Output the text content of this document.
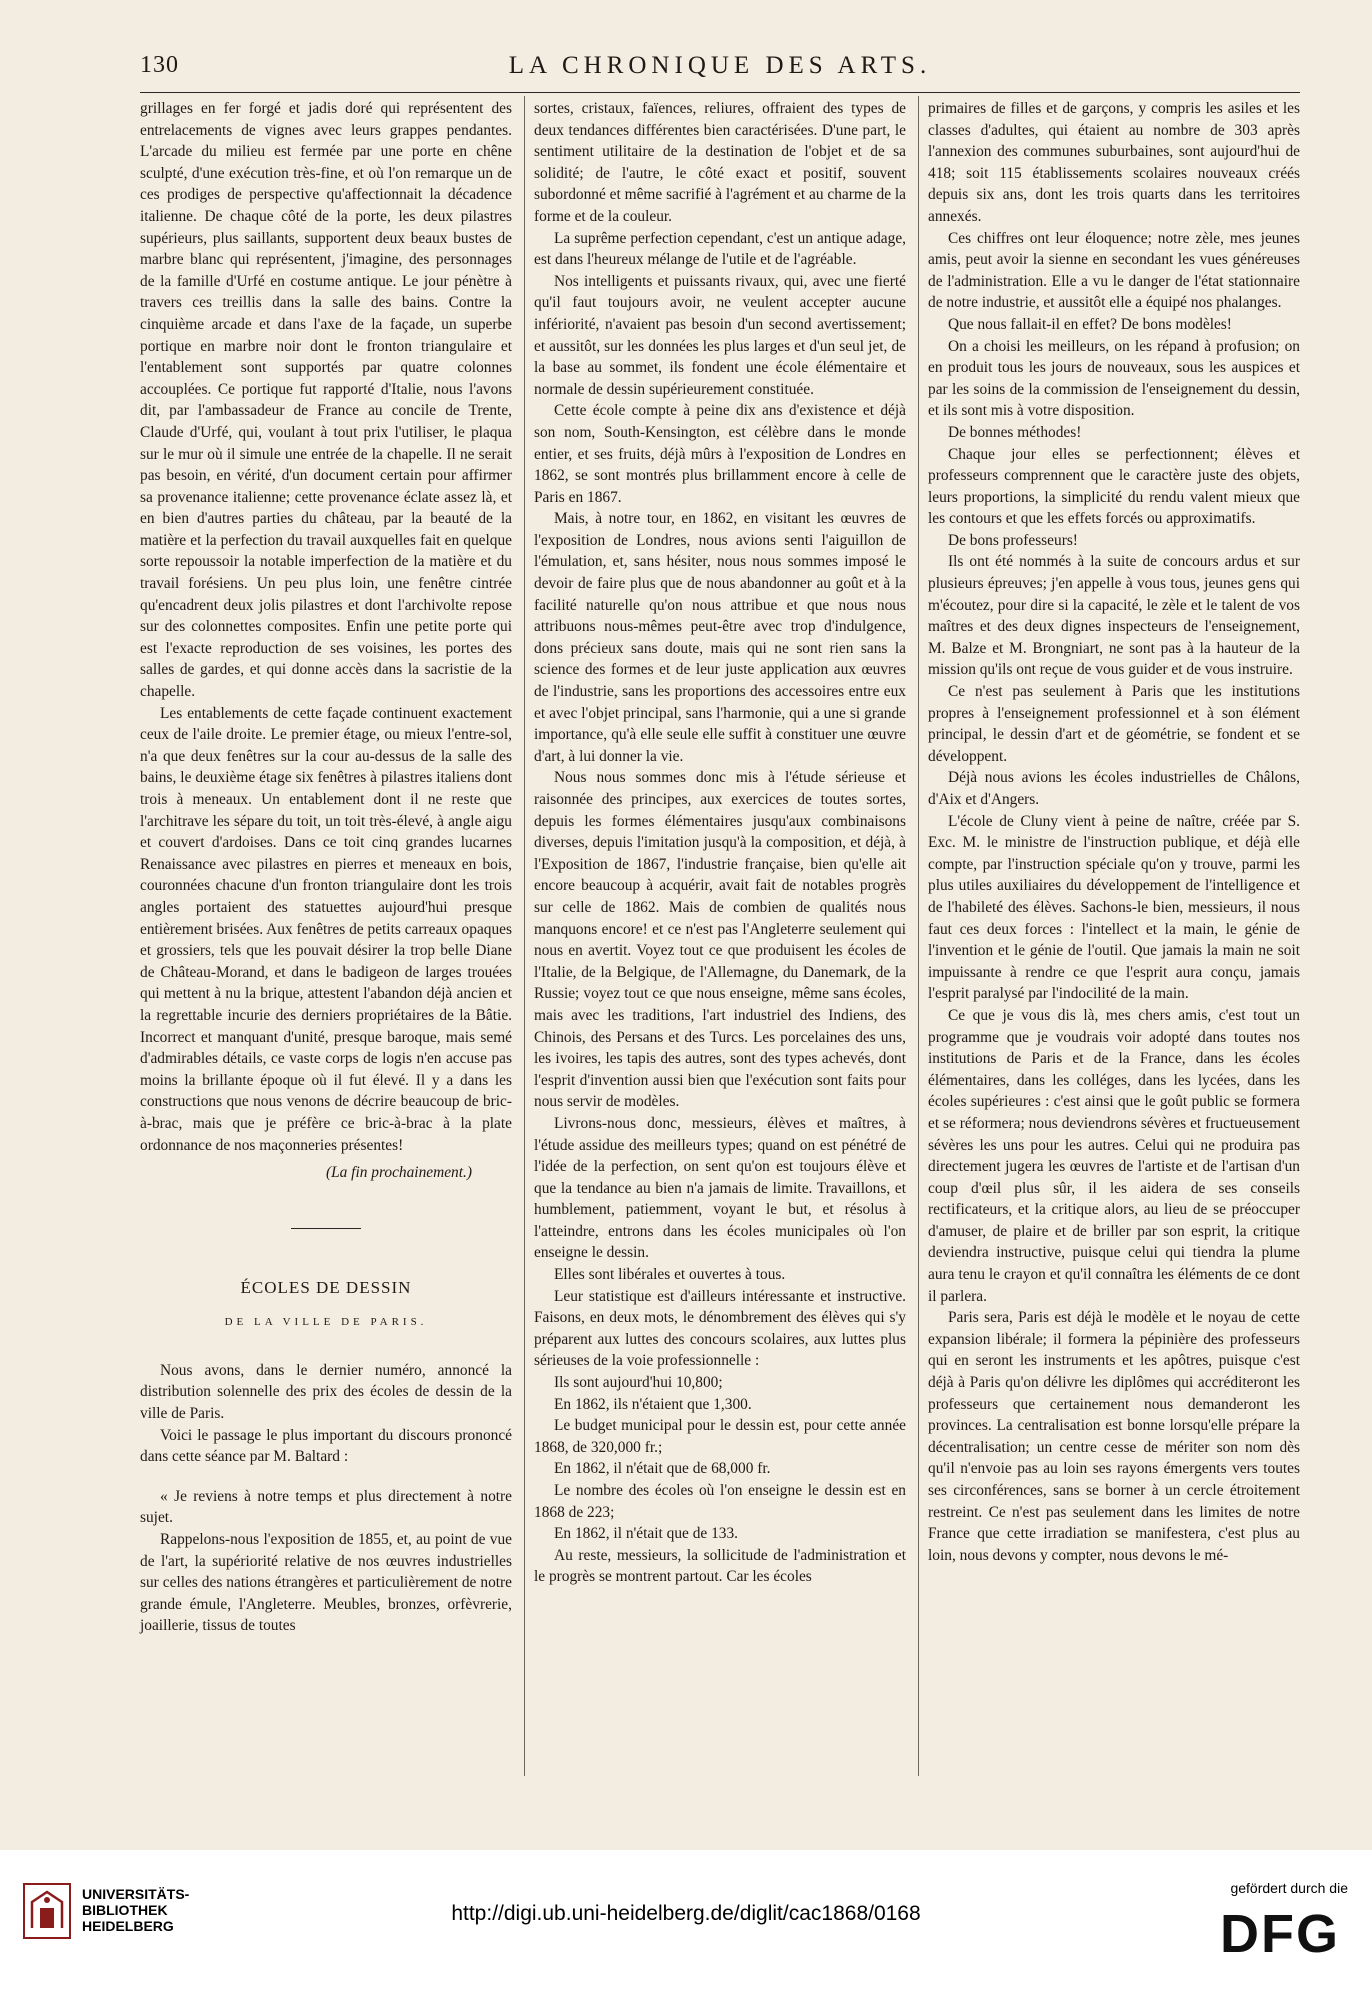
130	LA CHRONIQUE DES ARTS.

grillages en fer forgé et jadis doré qui représentent des entrelacements de vignes avec leurs grappes pendantes. L'arcade du milieu est fermée par une porte en chêne sculpté, d'une exécution très-fine, et où l'on remarque un de ces prodiges de perspective qu'affectionnait la décadence italienne. De chaque côté de la porte, les deux pilastres supérieurs, plus saillants, supportent deux beaux bustes de marbre blanc qui représentent, j'imagine, des personnages de la famille d'Urfé en costume antique. Le jour pénètre à travers ces treillis dans la salle des bains. Contre la cinquième arcade et dans l'axe de la façade, un superbe portique en marbre noir dont le fronton triangulaire et l'entablement sont supportés par quatre colonnes accouplées. Ce portique fut rapporté d'Italie, nous l'avons dit, par l'ambassadeur de France au concile de Trente, Claude d'Urfé, qui, voulant à tout prix l'utiliser, le plaqua sur le mur où il simule une entrée de la chapelle. Il ne serait pas besoin, en vérité, d'un document certain pour affirmer sa provenance italienne; cette provenance éclate assez là, et en bien d'autres parties du château, par la beauté de la matière et la perfection du travail auxquelles fait en quelque sorte repoussoir la notable imperfection de la matière et du travail forésiens. Un peu plus loin, une fenêtre cintrée qu'encadrent deux jolis pilastres et dont l'archivolte repose sur des colonnettes composites. Enfin une petite porte qui est l'exacte reproduction de ses voisines, les portes des salles de gardes, et qui donne accès dans la sacristie de la chapelle.

Les entablements de cette façade continuent exactement ceux de l'aile droite. Le premier étage, ou mieux l'entre-sol, n'a que deux fenêtres sur la cour au-dessus de la salle des bains, le deuxième étage six fenêtres à pilastres italiens dont trois à meneaux. Un entablement dont il ne reste que l'architrave les sépare du toit, un toit très-élevé, à angle aigu et couvert d'ardoises. Dans ce toit cinq grandes lucarnes Renaissance avec pilastres en pierres et meneaux en bois, couronnées chacune d'un fronton triangulaire dont les trois angles portaient des statuettes aujourd'hui presque entièrement brisées. Aux fenêtres de petits carreaux opaques et grossiers, tels que les pouvait désirer la trop belle Diane de Château-Morand, et dans le badigeon de larges trouées qui mettent à nu la brique, attestent l'abandon déjà ancien et la regrettable incurie des derniers propriétaires de la Bâtie. Incorrect et manquant d'unité, presque baroque, mais semé d'admirables détails, ce vaste corps de logis n'en accuse pas moins la brillante époque où il fut élevé. Il y a dans les constructions que nous venons de décrire beaucoup de bric-à-brac, mais que je préfère ce bric-à-brac à la plate ordonnance de nos maçonneries présentes!

(La fin prochainement.)
ÉCOLES DE DESSIN
DE LA VILLE DE PARIS.

Nous avons, dans le dernier numéro, annoncé la distribution solennelle des prix des écoles de dessin de la ville de Paris.

Voici le passage le plus important du discours prononcé dans cette séance par M. Baltard :

« Je reviens à notre temps et plus directement à notre sujet.

Rappelons-nous l'exposition de 1855, et, au point de vue de l'art, la supériorité relative de nos œuvres industrielles sur celles des nations étrangères et particulièrement de notre grande émule, l'Angleterre. Meubles, bronzes, orfèvrerie, joaillerie, tissus de toutes

sortes, cristaux, faïences, reliures, offraient des types de deux tendances différentes bien caractérisées. D'une part, le sentiment utilitaire de la destination de l'objet et de sa solidité; de l'autre, le côté exact et positif, souvent subordonné et même sacrifié à l'agrément et au charme de la forme et de la couleur.

La suprême perfection cependant, c'est un antique adage, est dans l'heureux mélange de l'utile et de l'agréable.

Nos intelligents et puissants rivaux, qui, avec une fierté qu'il faut toujours avoir, ne veulent accepter aucune infériorité, n'avaient pas besoin d'un second avertissement; et aussitôt, sur les données les plus larges et d'un seul jet, de la base au sommet, ils fondent une école élémentaire et normale de dessin supérieurement constituée.

Cette école compte à peine dix ans d'existence et déjà son nom, South-Kensington, est célèbre dans le monde entier, et ses fruits, déjà mûrs à l'exposition de Londres en 1862, se sont montrés plus brillamment encore à celle de Paris en 1867.

Mais, à notre tour, en 1862, en visitant les œuvres de l'exposition de Londres, nous avions senti l'aiguillon de l'émulation, et, sans hésiter, nous nous sommes imposé le devoir de faire plus que de nous abandonner au goût et à la facilité naturelle qu'on nous attribue et que nous nous attribuons nous-mêmes peut-être avec trop d'indulgence, dons précieux sans doute, mais qui ne sont rien sans la science des formes et de leur juste application aux œuvres de l'industrie, sans les proportions des accessoires entre eux et avec l'objet principal, sans l'harmonie, qui a une si grande importance, qu'à elle seule elle suffit à constituer une œuvre d'art, à lui donner la vie.

Nous nous sommes donc mis à l'étude sérieuse et raisonnée des principes, aux exercices de toutes sortes, depuis les formes élémentaires jusqu'aux combinaisons diverses, depuis l'imitation jusqu'à la composition, et déjà, à l'Exposition de 1867, l'industrie française, bien qu'elle ait encore beaucoup à acquérir, avait fait de notables progrès sur celle de 1862. Mais de combien de qualités nous manquons encore! et ce n'est pas l'Angleterre seulement qui nous en avertit. Voyez tout ce que produisent les écoles de l'Italie, de la Belgique, de l'Allemagne, du Danemark, de la Russie; voyez tout ce que nous enseigne, même sans écoles, mais avec les traditions, l'art industriel des Indiens, des Chinois, des Persans et des Turcs. Les porcelaines des uns, les ivoires, les tapis des autres, sont des types achevés, dont l'esprit d'invention aussi bien que l'exécution sont faits pour nous servir de modèles.

Livrons-nous donc, messieurs, élèves et maîtres, à l'étude assidue des meilleurs types; quand on est pénétré de l'idée de la perfection, on sent qu'on est toujours élève et que la tendance au bien n'a jamais de limite. Travaillons, et humblement, patiemment, voyant le but, et résolus à l'atteindre, entrons dans les écoles municipales où l'on enseigne le dessin.

Elles sont libérales et ouvertes à tous.

Leur statistique est d'ailleurs intéressante et instructive. Faisons, en deux mots, le dénombrement des élèves qui s'y préparent aux luttes des concours scolaires, aux luttes plus sérieuses de la voie professionnelle :

Ils sont aujourd'hui 10,800;

En 1862, ils n'étaient que 1,300.

Le budget municipal pour le dessin est, pour cette année 1868, de 320,000 fr.;

En 1862, il n'était que de 68,000 fr.

Le nombre des écoles où l'on enseigne le dessin est en 1868 de 223;

En 1862, il n'était que de 133.

Au reste, messieurs, la sollicitude de l'administration et le progrès se montrent partout. Car les écoles

primaires de filles et de garçons, y compris les asiles et les classes d'adultes, qui étaient au nombre de 303 après l'annexion des communes suburbaines, sont aujourd'hui de 418; soit 115 établissements scolaires nouveaux créés depuis six ans, dont les trois quarts dans les territoires annexés.

Ces chiffres ont leur éloquence; notre zèle, mes jeunes amis, peut avoir la sienne en secondant les vues généreuses de l'administration. Elle a vu le danger de l'état stationnaire de notre industrie, et aussitôt elle a équipé nos phalanges.

Que nous fallait-il en effet? De bons modèles!

On a choisi les meilleurs, on les répand à profusion; on en produit tous les jours de nouveaux, sous les auspices et par les soins de la commission de l'enseignement du dessin, et ils sont mis à votre disposition.

De bonnes méthodes!

Chaque jour elles se perfectionnent; élèves et professeurs comprennent que le caractère juste des objets, leurs proportions, la simplicité du rendu valent mieux que les contours et que les effets forcés ou approximatifs.

De bons professeurs!

Ils ont été nommés à la suite de concours ardus et sur plusieurs épreuves; j'en appelle à vous tous, jeunes gens qui m'écoutez, pour dire si la capacité, le zèle et le talent de vos maîtres et des deux dignes inspecteurs de l'enseignement, M. Balze et M. Brongniart, ne sont pas à la hauteur de la mission qu'ils ont reçue de vous guider et de vous instruire.

Ce n'est pas seulement à Paris que les institutions propres à l'enseignement professionnel et à son élément principal, le dessin d'art et de géométrie, se fondent et se développent.

Déjà nous avions les écoles industrielles de Châlons, d'Aix et d'Angers.

L'école de Cluny vient à peine de naître, créée par S. Exc. M. le ministre de l'instruction publique, et déjà elle compte, par l'instruction spéciale qu'on y trouve, parmi les plus utiles auxiliaires du développement de l'intelligence et de l'habileté des élèves. Sachons-le bien, messieurs, il nous faut ces deux forces : l'intellect et la main, le génie de l'invention et le génie de l'outil. Que jamais la main ne soit impuissante à rendre ce que l'esprit aura conçu, jamais l'esprit paralysé par l'indocilité de la main.

Ce que je vous dis là, mes chers amis, c'est tout un programme que je voudrais voir adopté dans toutes nos institutions de Paris et de la France, dans les écoles élémentaires, dans les colléges, dans les lycées, dans les écoles supérieures : c'est ainsi que le goût public se formera et se réformera; nous deviendrons sévères et fructueusement sévères les uns pour les autres. Celui qui ne produira pas directement jugera les œuvres de l'artiste et de l'artisan d'un coup d'œil plus sûr, il les aidera de ses conseils rectificateurs, et la critique alors, au lieu de se préoccuper d'amuser, de plaire et de briller par son esprit, la critique deviendra instructive, puisque celui qui tiendra la plume aura tenu le crayon et qu'il connaîtra les éléments de ce dont il parlera.

Paris sera, Paris est déjà le modèle et le noyau de cette expansion libérale; il formera la pépinière des professeurs qui en seront les instruments et les apôtres, puisque c'est déjà à Paris qu'on délivre les diplômes qui accréditeront les professeurs que certainement nous demanderont les provinces. La centralisation est bonne lorsqu'elle prépare la décentralisation; un centre cesse de mériter son nom dès qu'il n'envoie pas au loin ses rayons émergents vers toutes ses circonférences, sans se borner à un cercle étroitement restreint. Ce n'est pas seulement dans les limites de notre France que cette irradiation se manifestera, c'est plus au loin, nous devons y compter, nous devons le mé-

UNIVERSITÄTS-
BIBLIOTHEK
HEIDELBERG
http://digi.ub.uni-heidelberg.de/diglit/cac1868/0168
gefördert durch die
DFG
